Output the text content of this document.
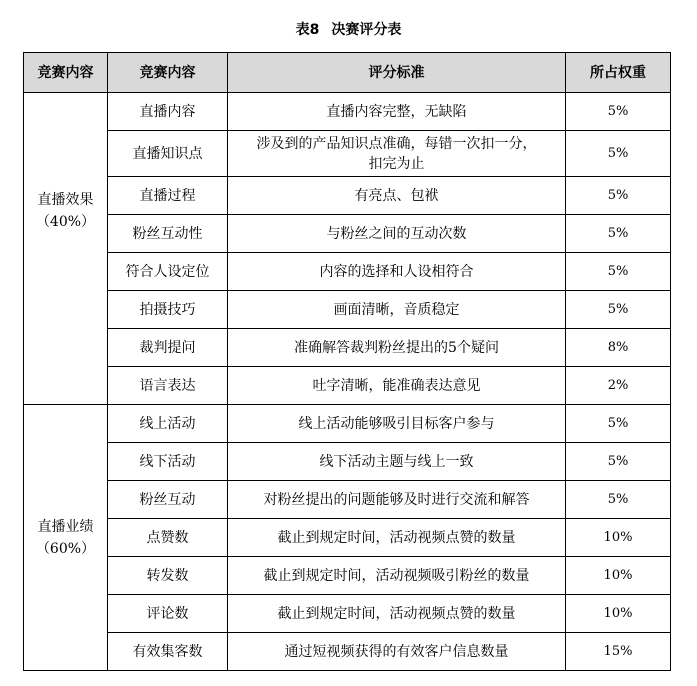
表8 决赛评分表
竞赛内容	竞赛内容	评分标准	所占权重

直播效果
（40%）	直播内容	直播内容完整，无缺陷	5%
	直播知识点	涉及到的产品知识点准确，每错一次扣一分，
扣完为止	5%
	直播过程	有亮点、包袱	5%
	粉丝互动性	与粉丝之间的互动次数	5%
	符合人设定位	内容的选择和人设相符合	5%
	拍摄技巧	画面清晰，音质稳定	5%
	裁判提问	准确解答裁判粉丝提出的5个疑问	8%
	语言表达	吐字清晰，能准确表达意见	2%

直播业绩
（60%）	线上活动	线上活动能够吸引目标客户参与	5%
	线下活动	线下活动主题与线上一致	5%
	粉丝互动	对粉丝提出的问题能够及时进行交流和解答	5%
	点赞数	截止到规定时间，活动视频点赞的数量	10%
	转发数	截止到规定时间，活动视频吸引粉丝的数量	10%
	评论数	截止到规定时间，活动视频点赞的数量	10%
	有效集客数	通过短视频获得的有效客户信息数量	15%
